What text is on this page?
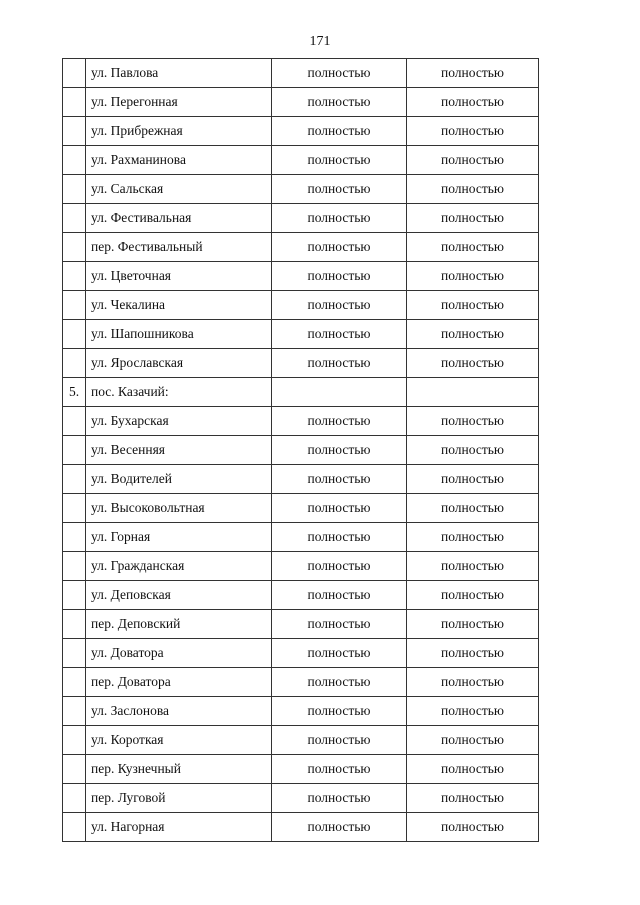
171
	ул. Павлова	полностью	полностью
	ул. Перегонная	полностью	полностью
	ул. Прибрежная	полностью	полностью
	ул. Рахманинова	полностью	полностью
	ул. Сальская	полностью	полностью
	ул. Фестивальная	полностью	полностью
	пер. Фестивальный	полностью	полностью
	ул. Цветочная	полностью	полностью
	ул. Чекалина	полностью	полностью
	ул. Шапошникова	полностью	полностью
	ул. Ярославская	полностью	полностью
5.	пос. Казачий:		
	ул. Бухарская	полностью	полностью
	ул. Весенняя	полностью	полностью
	ул. Водителей	полностью	полностью
	ул. Высоковольтная	полностью	полностью
	ул. Горная	полностью	полностью
	ул. Гражданская	полностью	полностью
	ул. Деповская	полностью	полностью
	пер. Деповский	полностью	полностью
	ул. Доватора	полностью	полностью
	пер. Доватора	полностью	полностью
	ул. Заслонова	полностью	полностью
	ул. Короткая	полностью	полностью
	пер. Кузнечный	полностью	полностью
	пер. Луговой	полностью	полностью
	ул. Нагорная	полностью	полностью
